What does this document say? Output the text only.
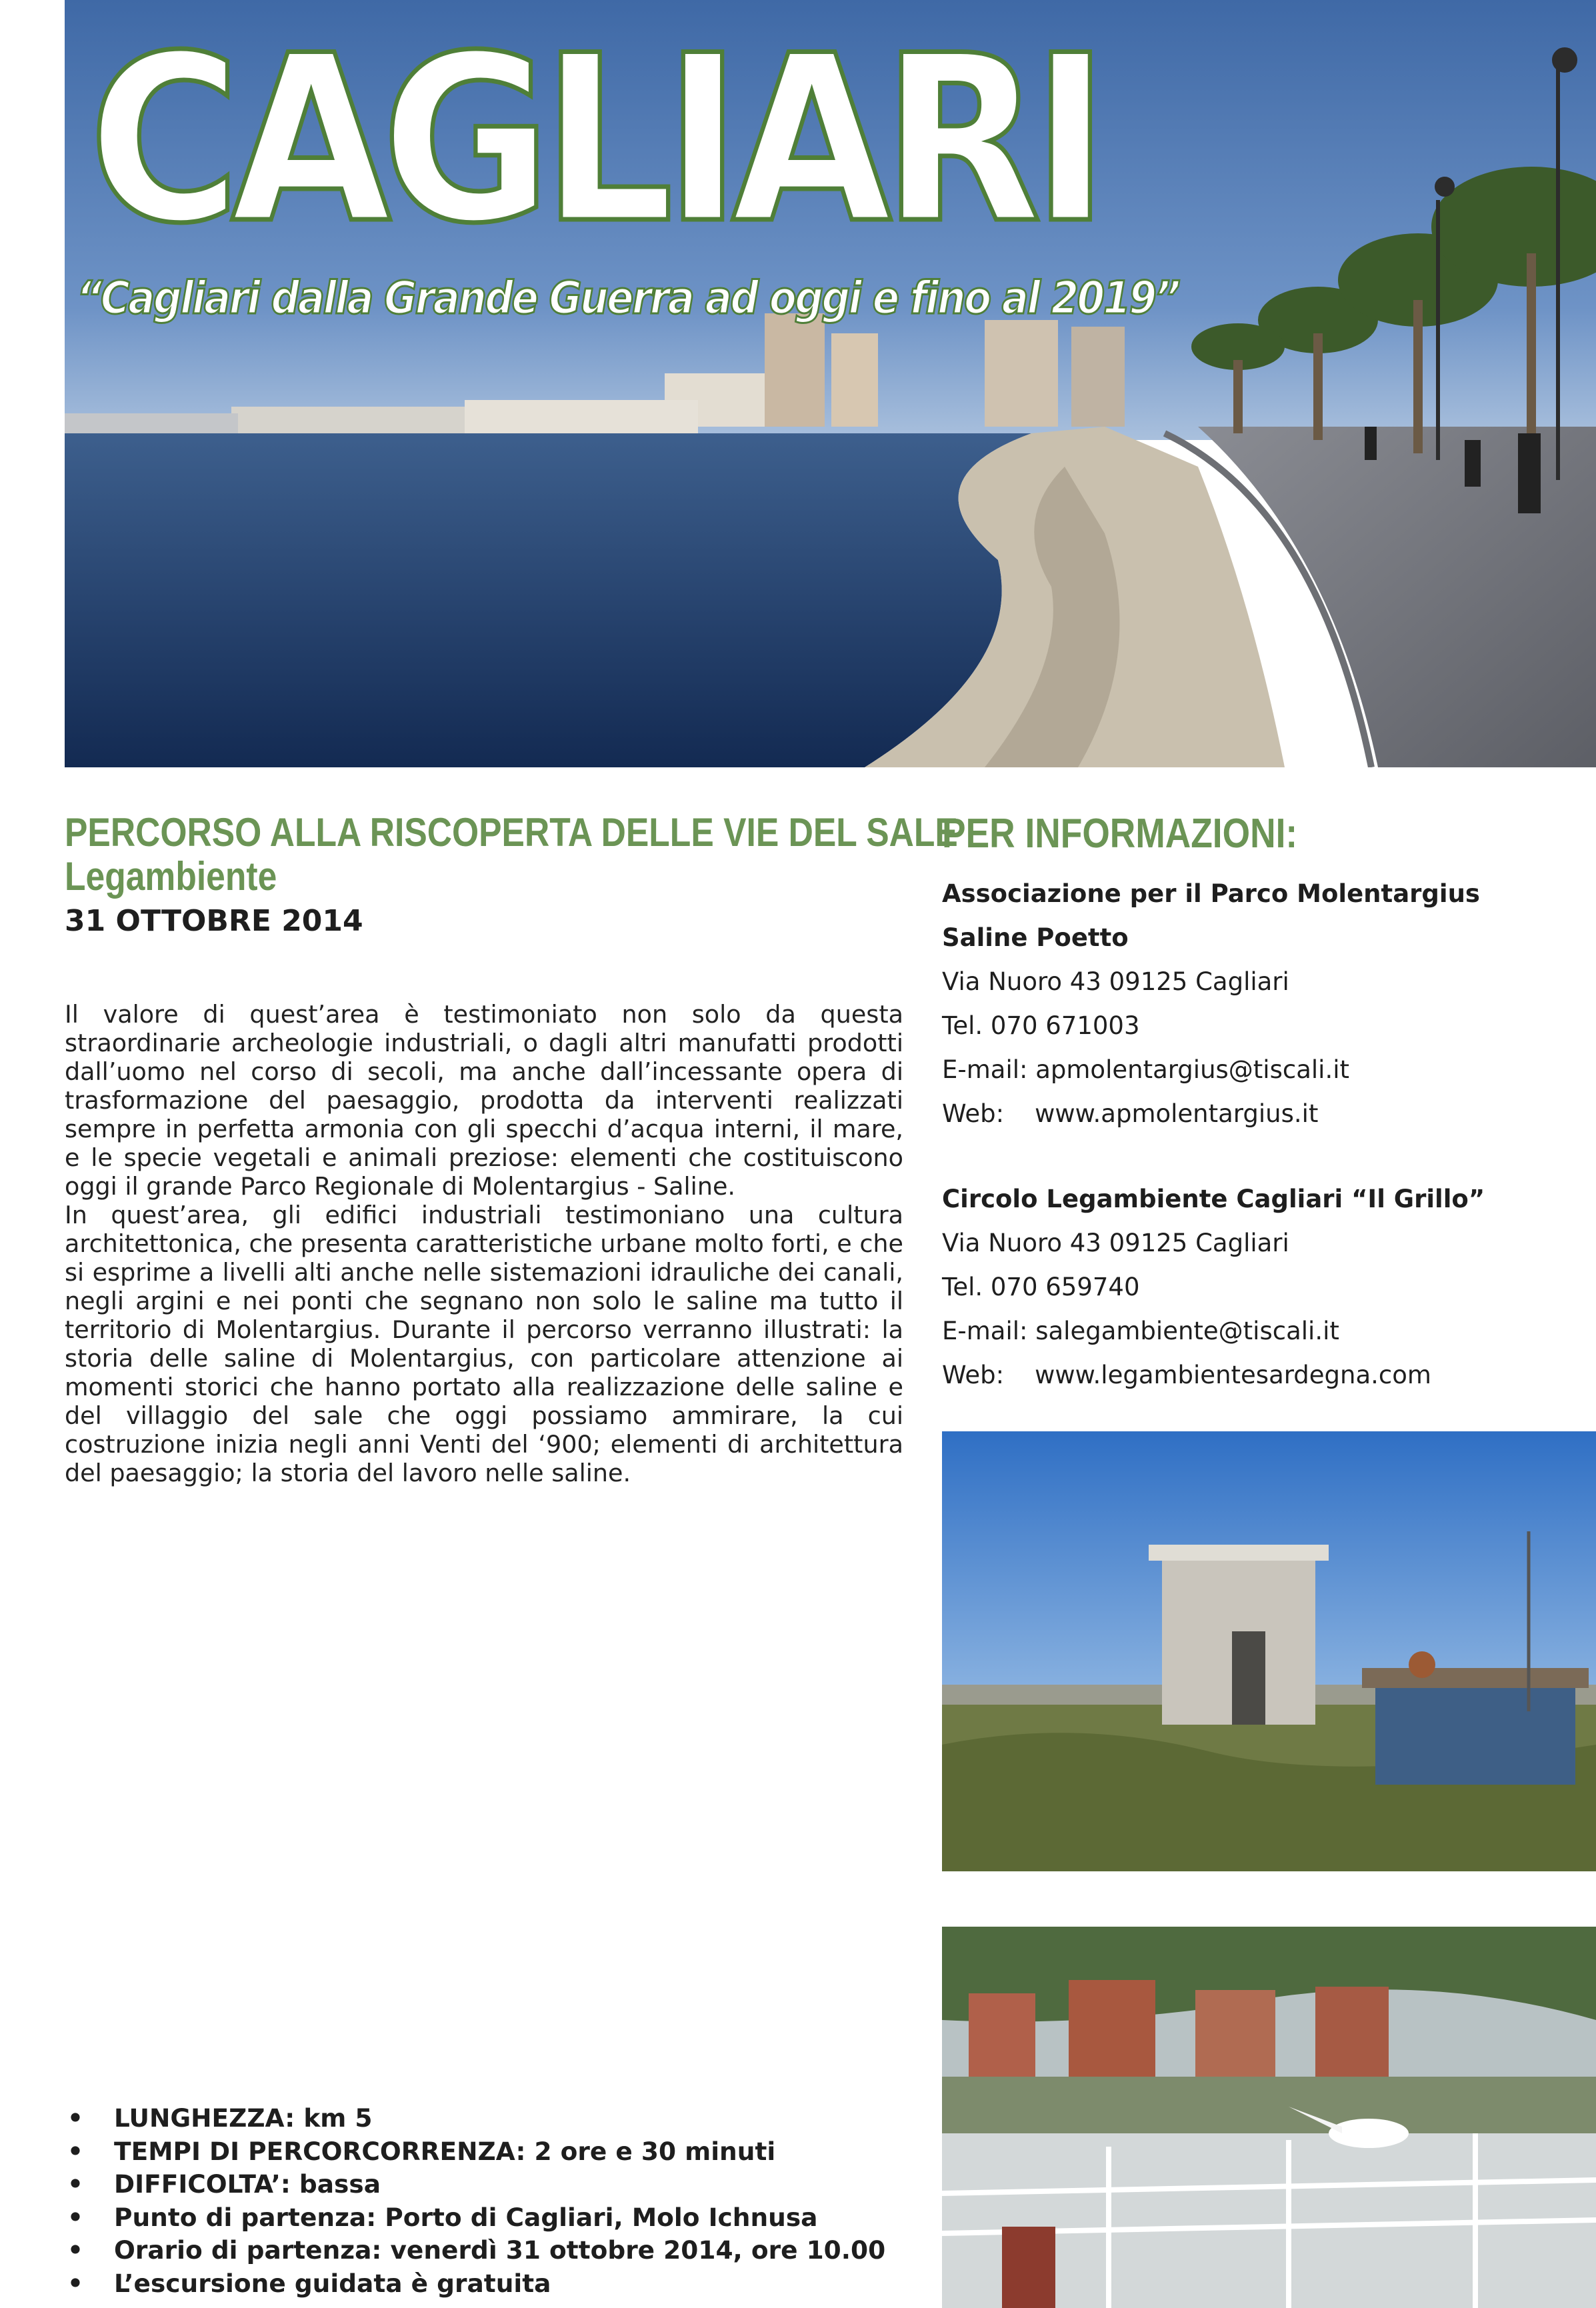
CAGLIARI

“Cagliari dalla Grande Guerra ad oggi e fino al 2019”

PERCORSO ALLA RISCOPERTA DELLE VIE DEL SALE
Legambiente

31 OTTOBRE 2014

Il valore di quest’area è testimoniato non solo da questa straordinarie archeologie industriali, o dagli altri manufatti prodotti dall’uomo nel corso di secoli, ma anche dall’incessante opera di trasformazione del paesaggio, prodotta da interventi realizzati sempre in perfetta armonia con gli specchi d’acqua interni, il mare, e le specie vegetali e animali preziose: elementi che costituiscono oggi il grande Parco Regionale di Molentargius - Saline.

In quest’area, gli edifici industriali testimoniano una cultura architettonica, che presenta caratteristiche urbane molto forti, e che si esprime a livelli alti anche nelle sistemazioni idrauliche dei canali, negli argini e nei ponti che segnano non solo le saline ma tutto il territorio di Molentargius. Durante il percorso verranno illustrati: la storia delle saline di Molentargius, con particolare attenzione ai momenti storici che hanno portato alla realizzazione delle saline e del villaggio del sale che oggi possiamo ammirare, la cui costruzione inizia negli anni Venti del ‘900; elementi di architettura del paesaggio; la storia del lavoro nelle saline.

• LUNGHEZZA: km 5
• TEMPI DI PERCORCORRENZA: 2 ore e 30 minuti
• DIFFICOLTA’: bassa
• Punto di partenza: Porto di Cagliari, Molo Ichnusa
• Orario di partenza: venerdì 31 ottobre 2014, ore 10.00
• L’escursione guidata è gratuita
PER INFORMAZIONI:

Associazione per il Parco Molentargius

Saline Poetto

Via Nuoro 43 09125 Cagliari

Tel. 070 671003

E-mail: apmolentargius@tiscali.it

Web: www.apmolentargius.it

Circolo Legambiente Cagliari “Il Grillo”

Via Nuoro 43 09125 Cagliari

Tel. 070 659740

E-mail: salegambiente@tiscali.it

Web: www.legambientesardegna.com
